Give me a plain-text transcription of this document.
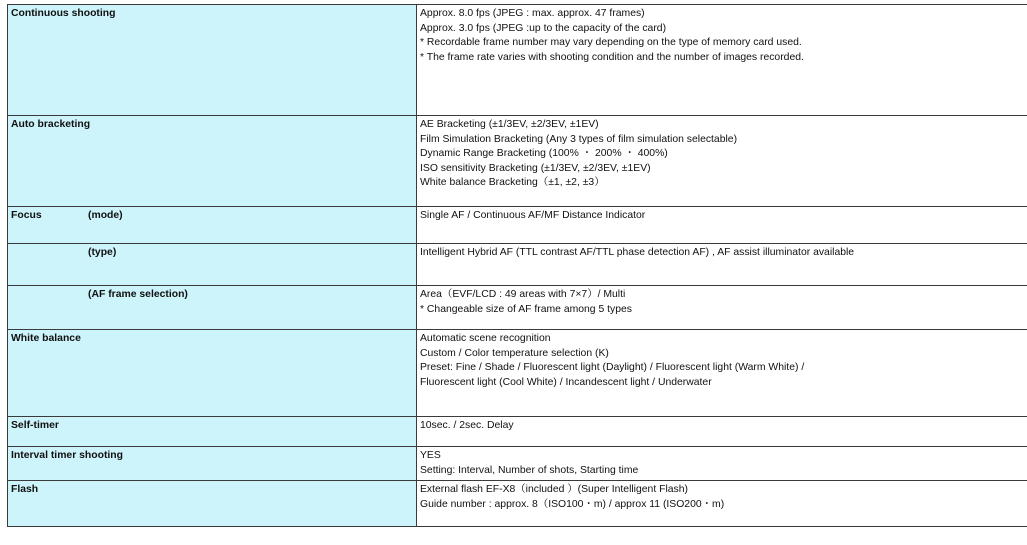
Continuous shooting	Approx. 8.0 fps (JPEG : max. approx. 47 frames)
Approx. 3.0 fps (JPEG :up to the capacity of the card)
* Recordable frame number may vary depending on the type of memory card used.
* The frame rate varies with shooting condition and the number of images recorded.

Auto bracketing	AE Bracketing (±1/3EV, ±2/3EV, ±1EV)
Film Simulation Bracketing (Any 3 types of film simulation selectable)
Dynamic Range Bracketing (100% ・ 200% ・ 400%)
ISO sensitivity Bracketing (±1/3EV, ±2/3EV, ±1EV)
White balance Bracketing（±1, ±2, ±3）

Focus (mode)	Single AF / Continuous AF/MF Distance Indicator

(type)	Intelligent Hybrid AF (TTL contrast AF/TTL phase detection AF) , AF assist illuminator available

(AF frame selection)	Area（EVF/LCD : 49 areas with 7×7）/ Multi
* Changeable size of AF frame among 5 types

White balance	Automatic scene recognition
Custom / Color temperature selection (K)
Preset: Fine / Shade / Fluorescent light (Daylight) / Fluorescent light (Warm White) /
Fluorescent light (Cool White) / Incandescent light / Underwater

Self-timer	10sec. / 2sec. Delay

Interval timer shooting	YES
Setting: Interval, Number of shots, Starting time

Flash	External flash EF-X8（included ）(Super Intelligent Flash)
Guide number : approx. 8（ISO100・m) / approx 11 (ISO200・m)
